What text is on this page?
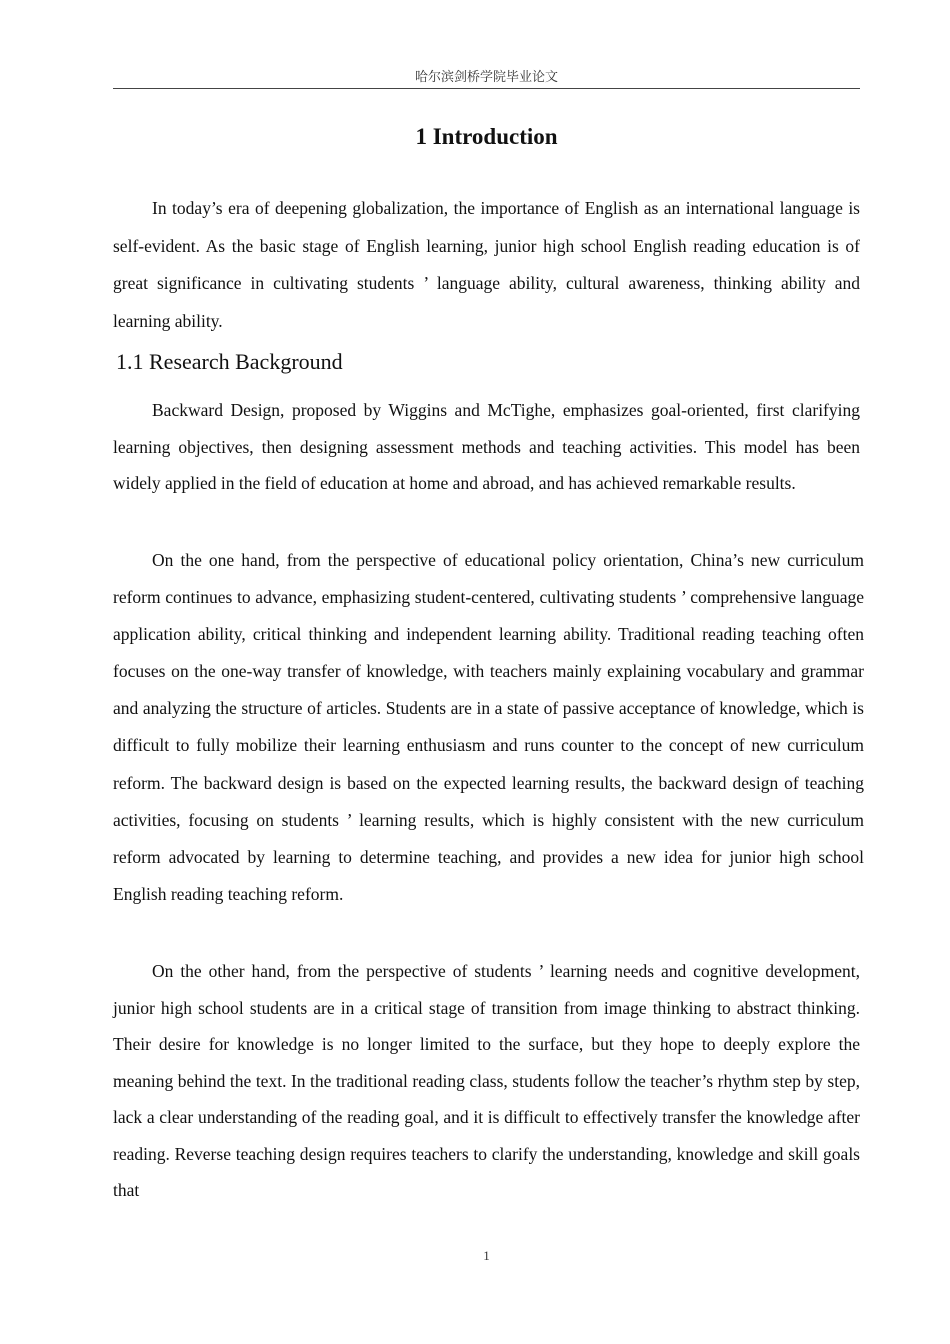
哈尔滨剑桥学院毕业论文
1 Introduction

In today’s era of deepening globalization, the importance of English as an international language is self-evident. As the basic stage of English learning, junior high school English reading education is of great significance in cultivating students ’ language ability, cultural awareness, thinking ability and learning ability.

1.1 Research Background

Backward Design, proposed by Wiggins and McTighe, emphasizes goal-oriented, first clarifying learning objectives, then designing assessment methods and teaching activities. This model has been widely applied in the field of education at home and abroad, and has achieved remarkable results.

On the one hand, from the perspective of educational policy orientation, China’s new curriculum reform continues to advance, emphasizing student-centered, cultivating students ’ comprehensive language application ability, critical thinking and independent learning ability. Traditional reading teaching often focuses on the one-way transfer of knowledge, with teachers mainly explaining vocabulary and grammar and analyzing the structure of articles. Students are in a state of passive acceptance of knowledge, which is difficult to fully mobilize their learning enthusiasm and runs counter to the concept of new curriculum reform. The backward design is based on the expected learning results, the backward design of teaching activities, focusing on students ’ learning results, which is highly consistent with the new curriculum reform advocated by learning to determine teaching, and provides a new idea for junior high school English reading teaching reform.

On the other hand, from the perspective of students ’ learning needs and cognitive development, junior high school students are in a critical stage of transition from image thinking to abstract thinking. Their desire for knowledge is no longer limited to the surface, but they hope to deeply explore the meaning behind the text. In the traditional reading class, students follow the teacher’s rhythm step by step, lack a clear understanding of the reading goal, and it is difficult to effectively transfer the knowledge after reading. Reverse teaching design requires teachers to clarify the understanding, knowledge and skill goals that

1
